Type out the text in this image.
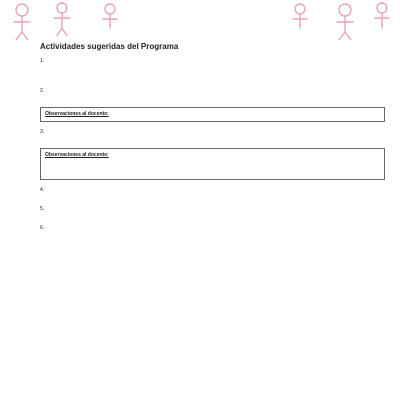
Actividades sugeridas del Programa
1.
2.
Observaciones al docente:
3.
Observaciones al docente:
4.
5.
6.
